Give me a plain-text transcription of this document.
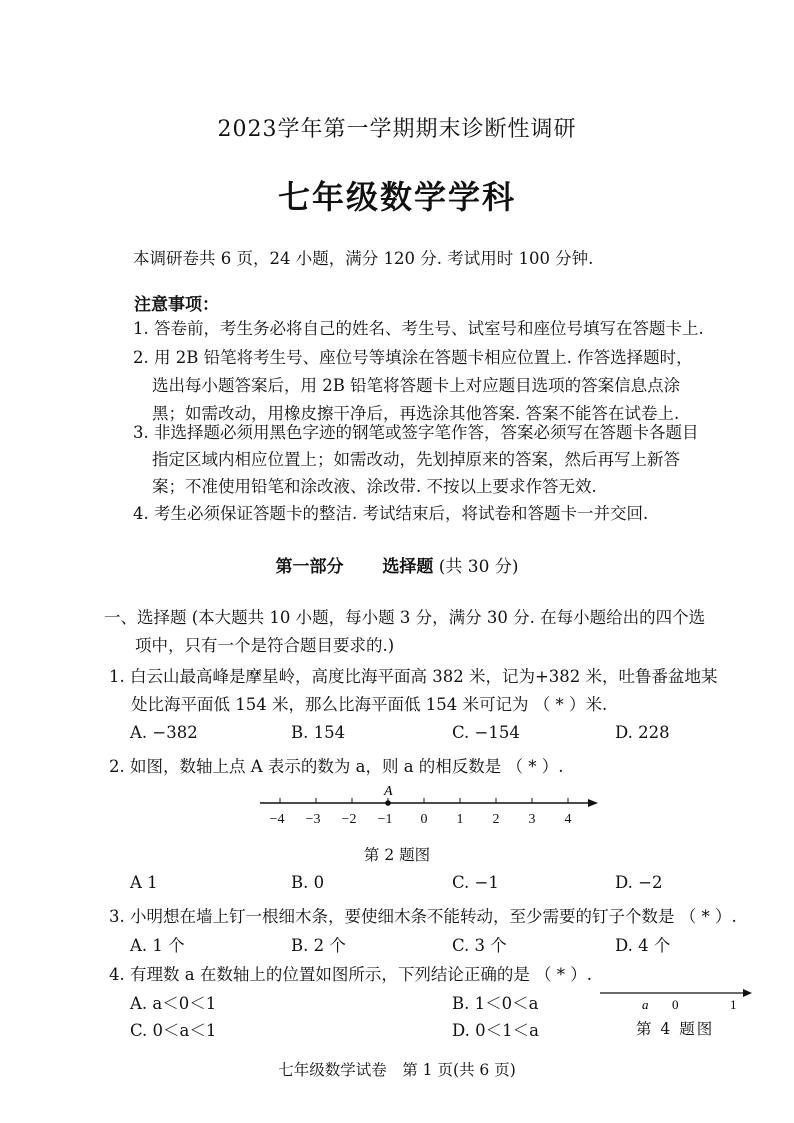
2023学年第一学期期末诊断性调研
七年级数学学科
本调研卷共 6 页，24 小题，满分 120 分. 考试用时 100 分钟.
注意事项：
1. 答卷前，考生务必将自己的姓名、考生号、试室号和座位号填写在答题卡上.
2. 用 2B 铅笔将考生号、座位号等填涂在答题卡相应位置上. 作答选择题时，
选出每小题答案后，用 2B 铅笔将答题卡上对应题目选项的答案信息点涂
黑；如需改动，用橡皮擦干净后，再选涂其他答案. 答案不能答在试卷上.
3. 非选择题必须用黑色字迹的钢笔或签字笔作答，答案必须写在答题卡各题目
指定区域内相应位置上；如需改动，先划掉原来的答案，然后再写上新答
案；不准使用铅笔和涂改液、涂改带. 不按以上要求作答无效.
4. 考生必须保证答题卡的整洁. 考试结束后，将试卷和答题卡一并交回.
第一部分 选择题 (共 30 分)
一、选择题 (本大题共 10 小题，每小题 3 分，满分 30 分. 在每小题给出的四个选
项中，只有一个是符合题目要求的.)
1. 白云山最高峰是摩星岭，高度比海平面高 382 米，记为+382 米，吐鲁番盆地某
处比海平面低 154 米，那么比海平面低 154 米可记为 （ * ）米.
A. −382	B. 154	C. −154	D. 228
2. 如图，数轴上点 A 表示的数为 a，则 a 的相反数是 （ * ）.
A
−4 −3 −2 −1 0 1 2 3 4
第 2 题图
A 1	B. 0	C. −1	D. −2
3. 小明想在墙上钉一根细木条，要使细木条不能转动，至少需要的钉子个数是 （ * ）.
A. 1 个	B. 2 个	C. 3 个	D. 4 个
4. 有理数 a 在数轴上的位置如图所示，下列结论正确的是 （ * ）.
A. a＜0＜1	B. 1＜0＜a
C. 0＜a＜1	D. 0＜1＜a
a 0	1
第 4 题图
七年级数学试卷　第 1 页(共 6 页)
